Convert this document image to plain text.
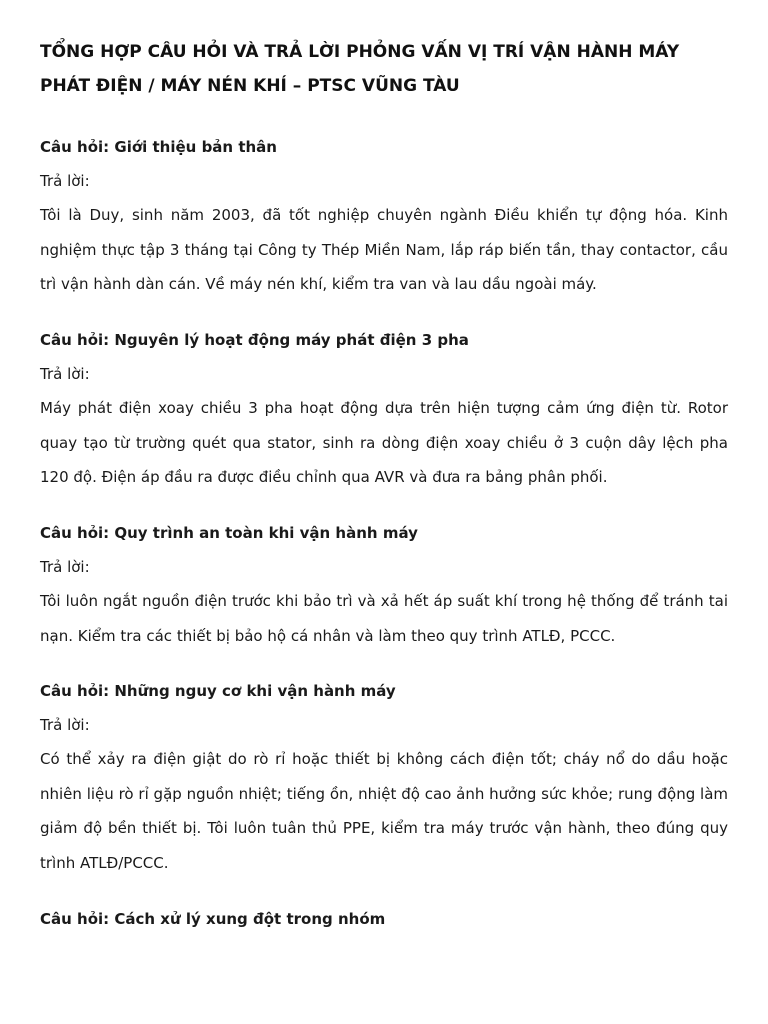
TỔNG HỢP CÂU HỎI VÀ TRẢ LỜI PHỎNG VẤN VỊ TRÍ VẬN HÀNH MÁY PHÁT ĐIỆN / MÁY NÉN KHÍ – PTSC VŨNG TÀU

Câu hỏi: Giới thiệu bản thân

Trả lời:

Tôi là Duy, sinh năm 2003, đã tốt nghiệp chuyên ngành Điều khiển tự động hóa. Kinh nghiệm thực tập 3 tháng tại Công ty Thép Miền Nam, lắp ráp biến tần, thay contactor, cầu trì vận hành dàn cán. Về máy nén khí, kiểm tra van và lau dầu ngoài máy.

Câu hỏi: Nguyên lý hoạt động máy phát điện 3 pha

Trả lời:

Máy phát điện xoay chiều 3 pha hoạt động dựa trên hiện tượng cảm ứng điện từ. Rotor quay tạo từ trường quét qua stator, sinh ra dòng điện xoay chiều ở 3 cuộn dây lệch pha 120 độ. Điện áp đầu ra được điều chỉnh qua AVR và đưa ra bảng phân phối.

Câu hỏi: Quy trình an toàn khi vận hành máy

Trả lời:

Tôi luôn ngắt nguồn điện trước khi bảo trì và xả hết áp suất khí trong hệ thống để tránh tai nạn. Kiểm tra các thiết bị bảo hộ cá nhân và làm theo quy trình ATLĐ, PCCC.

Câu hỏi: Những nguy cơ khi vận hành máy

Trả lời:

Có thể xảy ra điện giật do rò rỉ hoặc thiết bị không cách điện tốt; cháy nổ do dầu hoặc nhiên liệu rò rỉ gặp nguồn nhiệt; tiếng ồn, nhiệt độ cao ảnh hưởng sức khỏe; rung động làm giảm độ bền thiết bị. Tôi luôn tuân thủ PPE, kiểm tra máy trước vận hành, theo đúng quy trình ATLĐ/PCCC.

Câu hỏi: Cách xử lý xung đột trong nhóm
